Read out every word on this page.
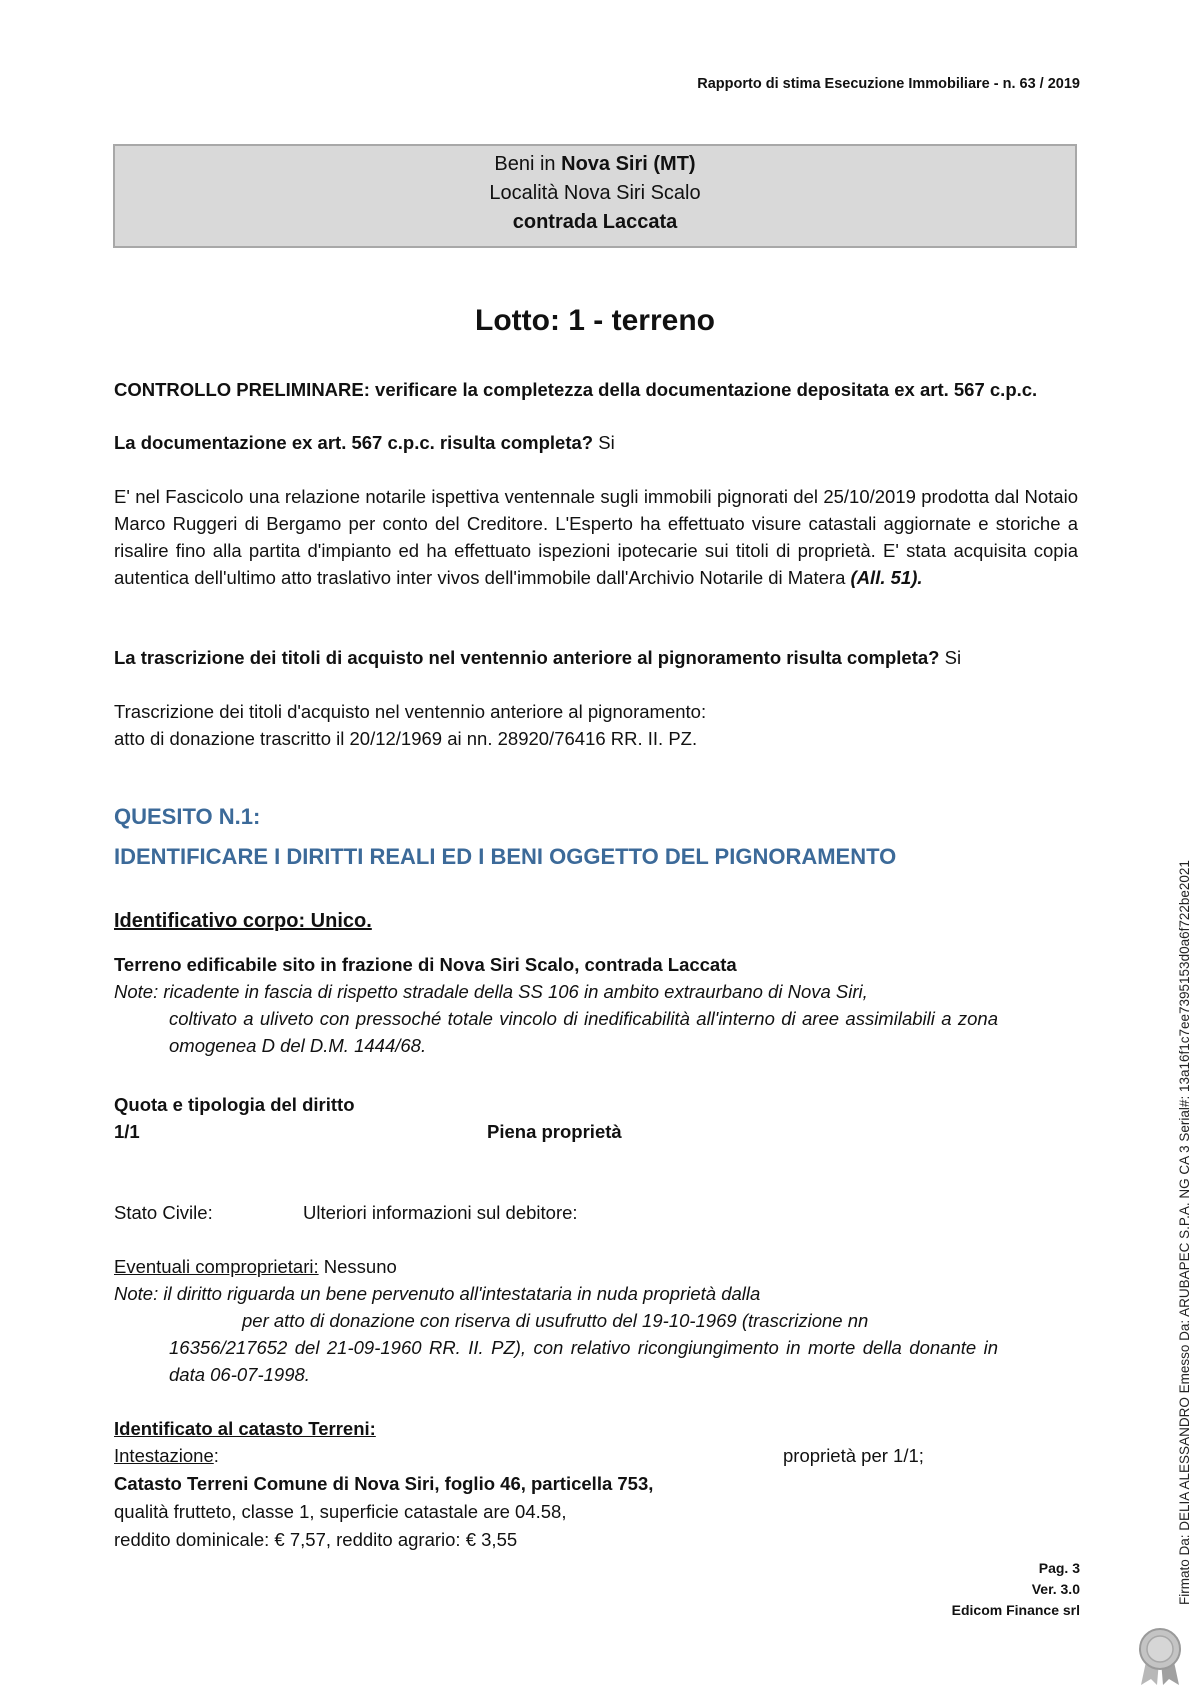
Rapporto di stima Esecuzione Immobiliare - n. 63 / 2019
Beni in Nova Siri (MT)
Località Nova Siri Scalo
contrada Laccata
Lotto: 1 - terreno
CONTROLLO PRELIMINARE: verificare la completezza della documentazione depositata ex art. 567 c.p.c.
La documentazione ex art. 567 c.p.c. risulta completa? Si
E' nel Fascicolo una relazione notarile ispettiva ventennale sugli immobili pignorati del 25/10/2019 prodotta dal Notaio Marco Ruggeri di Bergamo per conto del Creditore. L'Esperto ha effettuato visure catastali aggiornate e storiche a risalire fino alla partita d'impianto ed ha effettuato ispezioni ipotecarie sui titoli di proprietà. E' stata acquisita copia autentica dell'ultimo atto traslativo inter vivos dell'immobile dall'Archivio Notarile di Matera (All. 51).
La trascrizione dei titoli di acquisto nel ventennio anteriore al pignoramento risulta completa? Si
Trascrizione dei titoli d'acquisto nel ventennio anteriore al pignoramento:
atto di donazione trascritto il 20/12/1969 ai nn. 28920/76416 RR. II. PZ.
QUESITO N.1:
IDENTIFICARE I DIRITTI REALI ED I BENI OGGETTO DEL PIGNORAMENTO
Identificativo corpo: Unico.
Terreno edificabile sito in frazione di Nova Siri Scalo, contrada Laccata
Note: ricadente in fascia di rispetto stradale della SS 106 in ambito extraurbano di Nova Siri,
coltivato a uliveto con pressoché totale vincolo di inedificabilità all'interno di aree assimilabili a zona omogenea D del D.M. 1444/68.
Quota e tipologia del diritto
1/1	Piena proprietà
Stato Civile:	Ulteriori informazioni sul debitore:
Eventuali comproprietari: Nessuno
Note: il diritto riguarda un bene pervenuto all'intestataria in nuda proprietà dalla
per atto di donazione con riserva di usufrutto del 19-10-1969 (trascrizione nn
16356/217652 del 21-09-1960 RR. II. PZ), con relativo ricongiungimento in morte della donante in data 06-07-1998.
Identificato al catasto Terreni:
Intestazione:	proprietà per 1/1;
Catasto Terreni Comune di Nova Siri, foglio 46, particella 753,
qualità frutteto, classe 1, superficie catastale are 04.58,
reddito dominicale: € 7,57, reddito agrario: € 3,55
Pag. 3
Ver. 3.0
Edicom Finance srl
Firmato Da: DELIA ALESSANDRO Emesso Da: ARUBAPEC S.P.A. NG CA 3 Serial#: 13a16f1c7ee7395153d0a6f722be2021
